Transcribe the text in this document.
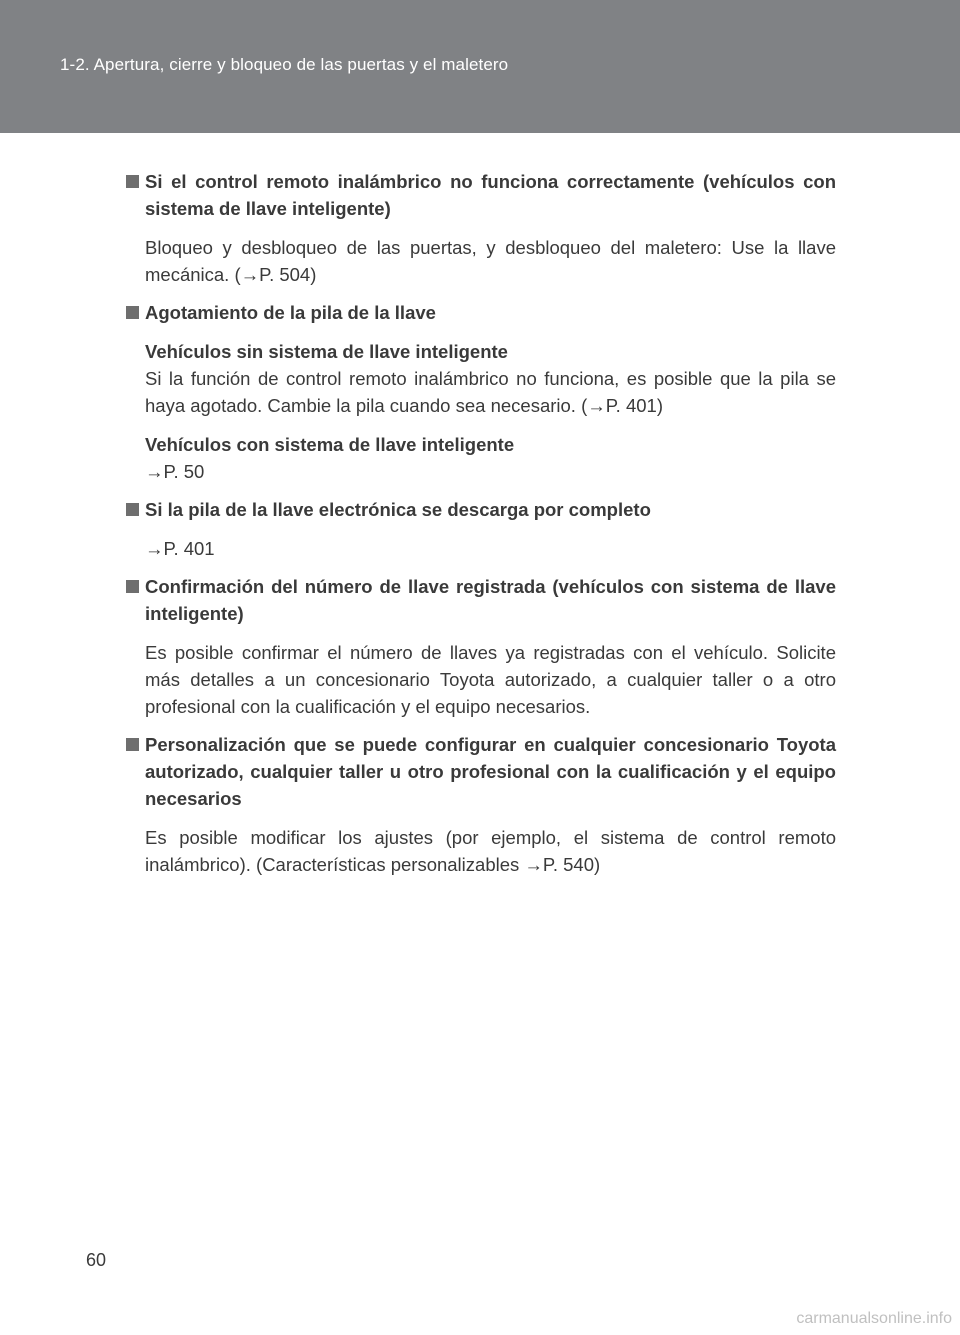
1-2. Apertura, cierre y bloqueo de las puertas y el maletero
Si el control remoto inalámbrico no funciona correctamente (vehículos con sistema de llave inteligente)
Bloqueo y desbloqueo de las puertas, y desbloqueo del maletero: Use la llave mecánica. (→P. 504)
Agotamiento de la pila de la llave
Vehículos sin sistema de llave inteligente
Si la función de control remoto inalámbrico no funciona, es posible que la pila se haya agotado. Cambie la pila cuando sea necesario. (→P. 401)
Vehículos con sistema de llave inteligente
→P. 50
Si la pila de la llave electrónica se descarga por completo
→P. 401
Confirmación del número de llave registrada (vehículos con sistema de llave inteligente)
Es posible confirmar el número de llaves ya registradas con el vehículo. Solicite más detalles a un concesionario Toyota autorizado, a cualquier taller o a otro profesional con la cualificación y el equipo necesarios.
Personalización que se puede configurar en cualquier concesionario Toyota autorizado, cualquier taller u otro profesional con la cualificación y el equipo necesarios
Es posible modificar los ajustes (por ejemplo, el sistema de control remoto inalámbrico). (Características personalizables →P. 540)
60
carmanualsonline.info
